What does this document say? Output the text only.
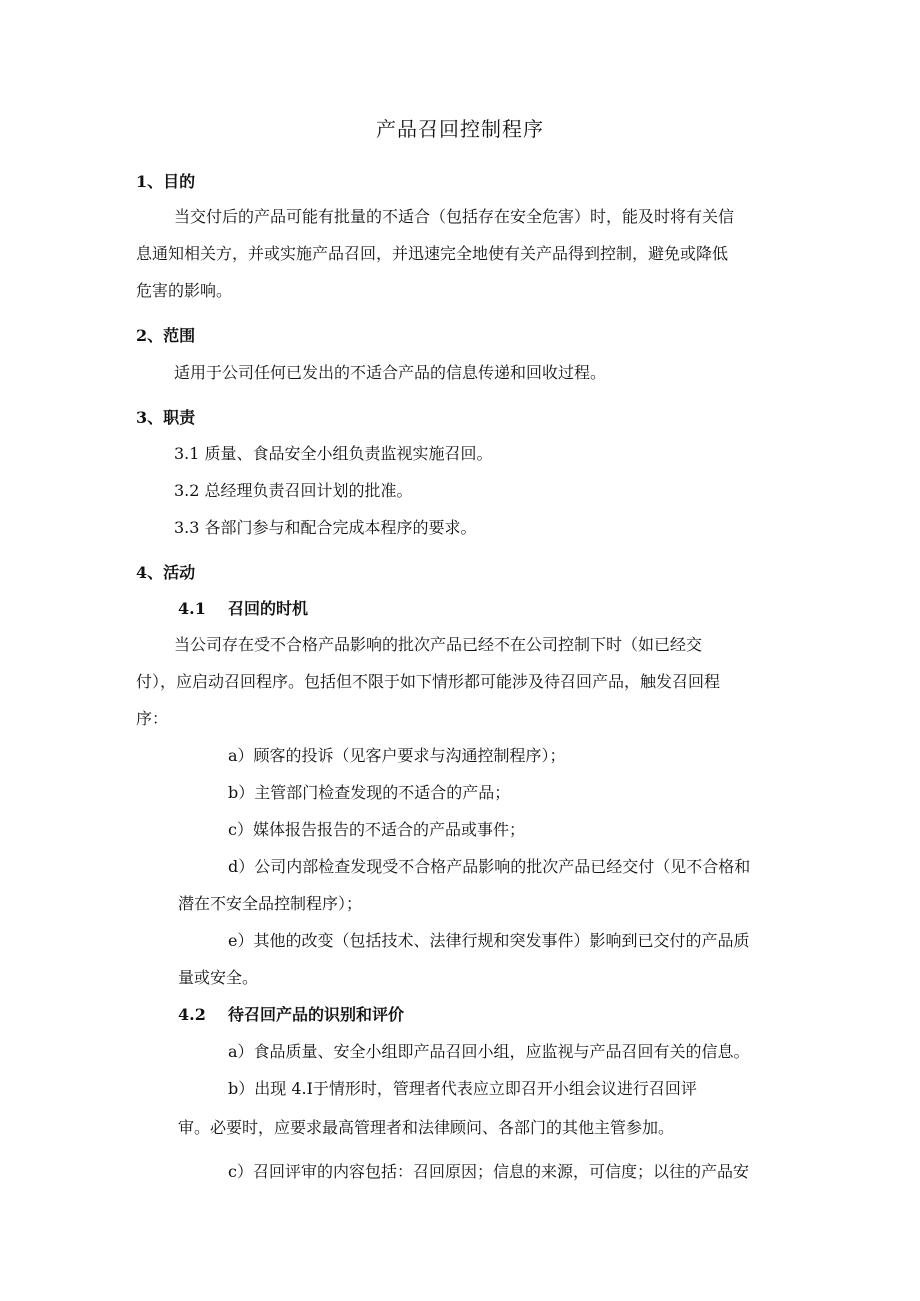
产品召回控制程序
1、目的
当交付后的产品可能有批量的不适合（包括存在安全危害）时，能及时将有关信
息通知相关方，并或实施产品召回，并迅速完全地使有关产品得到控制，避免或降低
危害的影响。
2、范围
适用于公司任何已发出的不适合产品的信息传递和回收过程。
3、职责
3.1 质量、食品安全小组负责监视实施召回。
3.2 总经理负责召回计划的批准。
3.3 各部门参与和配合完成本程序的要求。
4、活动
4.1 召回的时机
当公司存在受不合格产品影响的批次产品已经不在公司控制下时（如已经交
付），应启动召回程序。包括但不限于如下情形都可能涉及待召回产品，触发召回程
序：
a）顾客的投诉（见客户要求与沟通控制程序）；
b）主管部门检查发现的不适合的产品；
c）媒体报告报告的不适合的产品或事件；
d）公司内部检查发现受不合格产品影响的批次产品已经交付（见不合格和
潜在不安全品控制程序）；
e）其他的改变（包括技术、法律行规和突发事件）影响到已交付的产品质
量或安全。
4.2 待召回产品的识别和评价
a）食品质量、安全小组即产品召回小组，应监视与产品召回有关的信息。
b）出现 4.Ⅰ于情形时，管理者代表应立即召开小组会议进行召回评
审。必要时，应要求最高管理者和法律顾问、各部门的其他主管参加。
c）召回评审的内容包括：召回原因；信息的来源，可信度；以往的产品安
